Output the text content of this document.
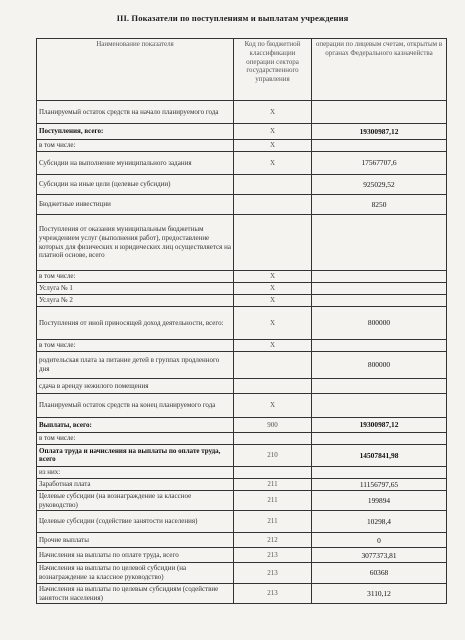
III. Показатели по поступлениям и выплатам учреждения
Наименование показателя	Код по бюджетной классификации операции сектора государственного управления	операции по лицевым счетам, открытым в органах Федерального казначейства
Планируемый остаток средств на начало планируемого года	X	
Поступления, всего:	X	19300987,12
в том числе:	X	
Субсидии на выполнение муниципального задания	X	17567707,6
Субсидии на иные цели (целевые субсидии)		925029,52
Бюджетные инвестиции		8250
Поступления от оказания муниципальным бюджетным учреждением услуг (выполнения работ), предоставление которых для физических и юридических лиц осуществляется на платной основе, всего		
в том числе:	X	
Услуга № 1	X	
Услуга № 2	X	
Поступления от иной приносящей доход деятельности, всего:	X	800000
в том числе:	X	
родительская плата за питание детей в группах продленного дня		800000
сдача в аренду нежилого помещения		
Планируемый остаток средств на конец планируемого года	X	
Выплаты, всего:	900	19300987,12
в том числе:		
Оплата труда и начисления на выплаты по оплате труда, всего	210	14507841,98
из них:		
Заработная плата	211	11156797,65
Целевые субсидии (на вознаграждение за классное руководство)	211	199894
Целевые субсидии (содействие занятости населения)	211	10298,4
Прочие выплаты	212	0
Начисления на выплаты по оплате труда, всего	213	3077373,81
Начисления на выплаты по целевой субсидии (на вознаграждение за классное руководство)	213	60368
Начисления на выплаты по целевым субсидиям (содействие занятости населения)	213	3110,12
